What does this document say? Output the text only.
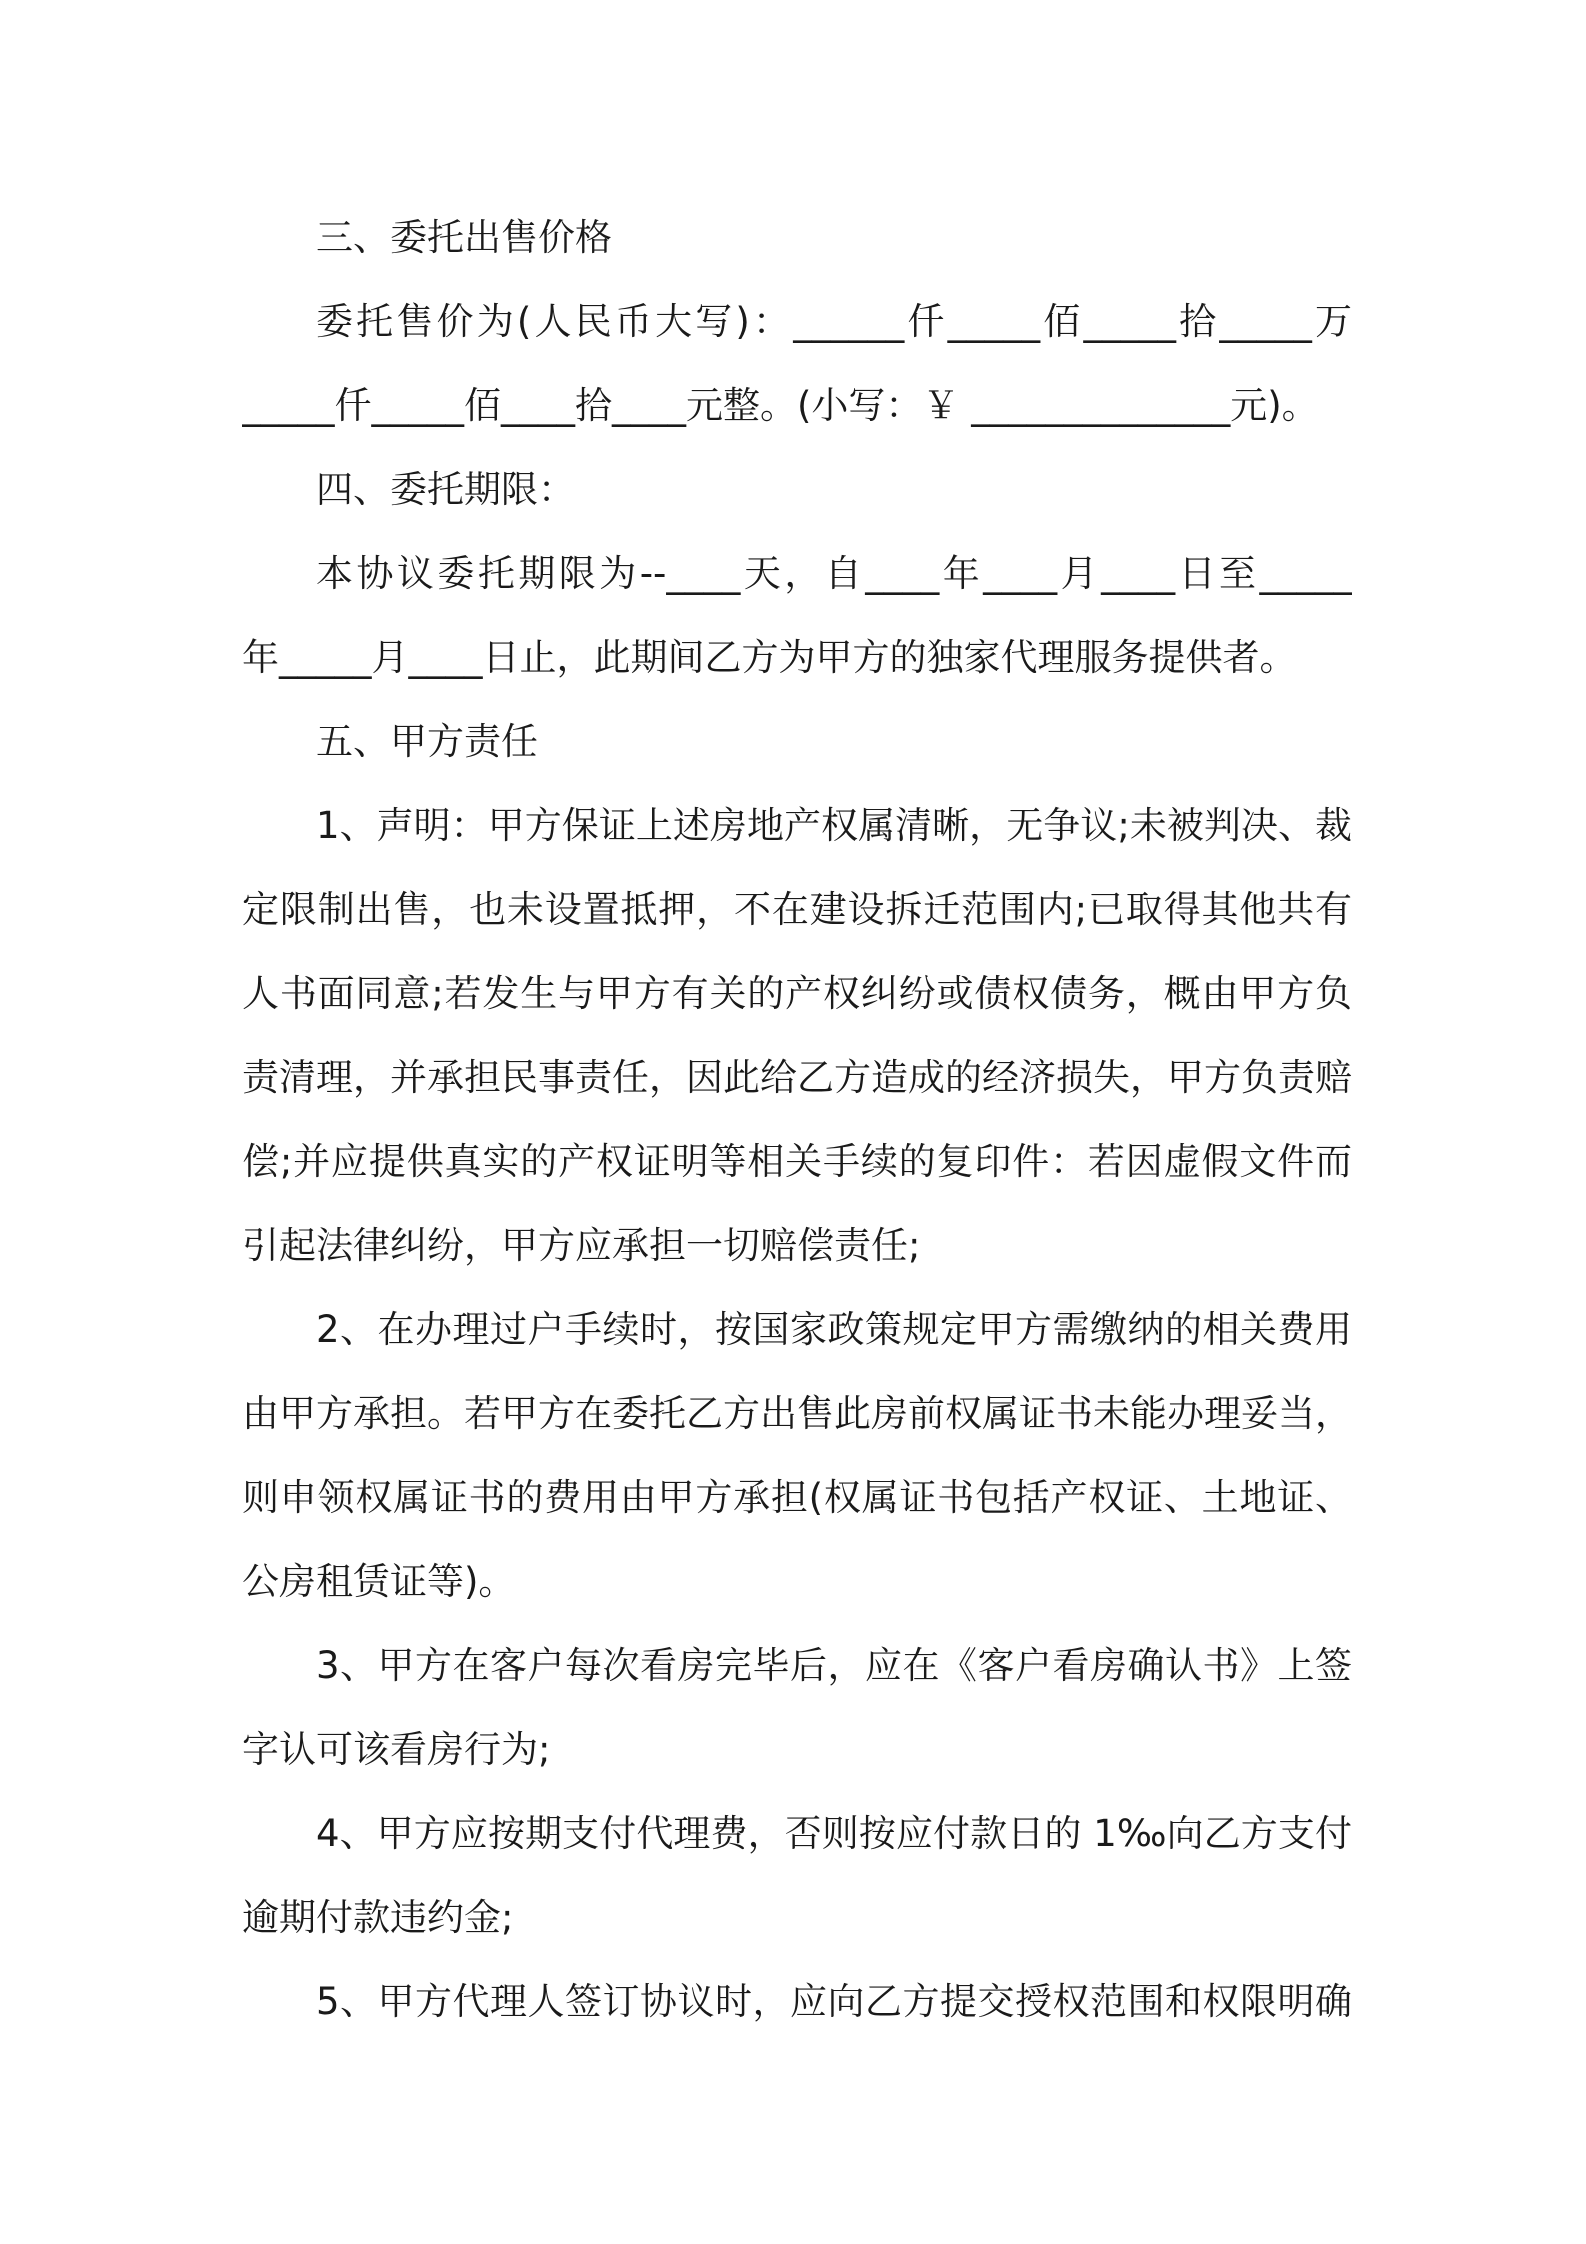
三、委托出售价格
委托售价为(人民币大写)：______仟_____佰_____拾_____万
_____仟_____佰____拾____元整。(小写：￥ ______________元)。
四、委托期限：
本协议委托期限为--____天，自____年____月____日至_____
年_____月____日止，此期间乙方为甲方的独家代理服务提供者。
五、甲方责任
1、声明：甲方保证上述房地产权属清晰，无争议;未被判决、裁
定限制出售，也未设置抵押，不在建设拆迁范围内;已取得其他共有
人书面同意;若发生与甲方有关的产权纠纷或债权债务，概由甲方负
责清理，并承担民事责任，因此给乙方造成的经济损失，甲方负责赔
偿;并应提供真实的产权证明等相关手续的复印件：若因虚假文件而
引起法律纠纷，甲方应承担一切赔偿责任;
2、在办理过户手续时，按国家政策规定甲方需缴纳的相关费用
由甲方承担。若甲方在委托乙方出售此房前权属证书未能办理妥当，
则申领权属证书的费用由甲方承担(权属证书包括产权证、土地证、
公房租赁证等)。
3、甲方在客户每次看房完毕后，应在《客户看房确认书》上签
字认可该看房行为;
4、甲方应按期支付代理费，否则按应付款日的 1‰向乙方支付
逾期付款违约金;
5、甲方代理人签订协议时，应向乙方提交授权范围和权限明确
